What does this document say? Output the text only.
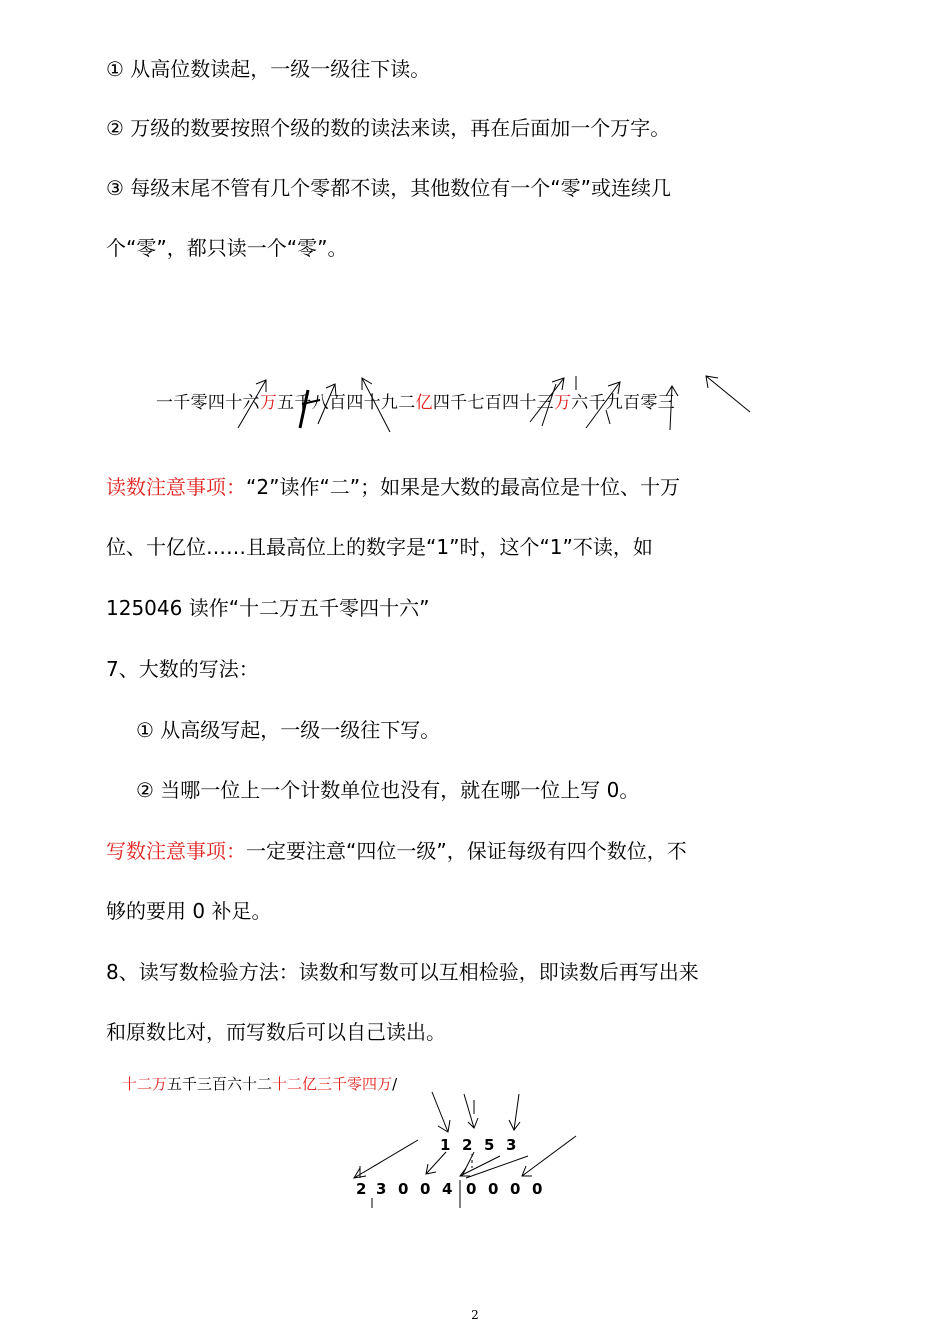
① 从高位数读起，一级一级往下读。
② 万级的数要按照个级的数的读法来读，再在后面加一个万字。
③ 每级末尾不管有几个零都不读，其他数位有一个“零”或连续几
个“零”，都只读一个“零”。
一千零四十六万五千八百四十九二亿四千七百四十三万六千九百零三
读数注意事项：“2”读作“二”；如果是大数的最高位是十位、十万
位、十亿位……且最高位上的数字是“1”时，这个“1”不读，如
125046 读作“十二万五千零四十六”
7、大数的写法：
① 从高级写起，一级一级往下写。
② 当哪一位上一个计数单位也没有，就在哪一位上写 0。
写数注意事项：一定要注意“四位一级”，保证每级有四个数位，不
够的要用 0 补足。
8、读写数检验方法：读数和写数可以互相检验，即读数后再写出来
和原数比对，而写数后可以自己读出。
十二万五千三百六十二十二亿三千零四万/
1 2 5 3
2 3 0 0 4 0 0 0 0
2
